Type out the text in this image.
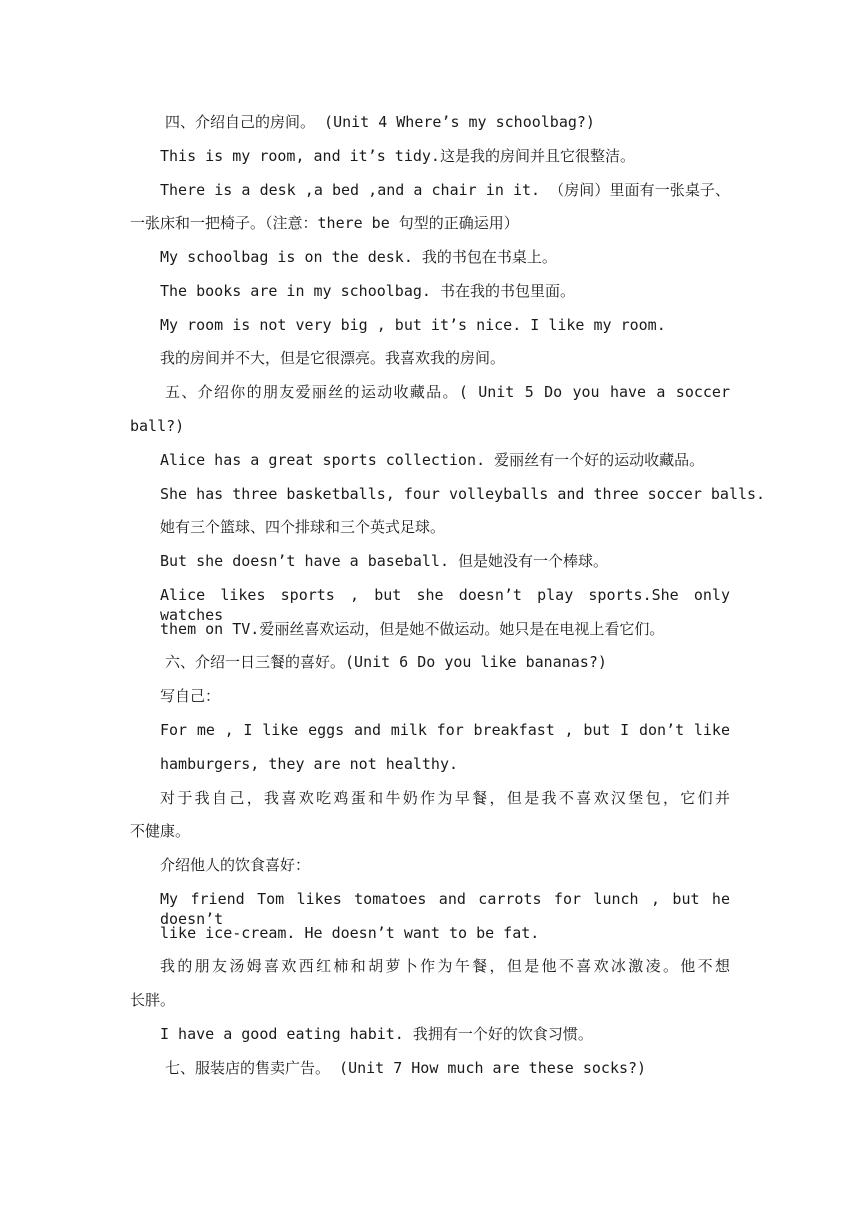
四、介绍自己的房间。 (Unit 4 Where’s my schoolbag?)
This is my room, and it’s tidy.这是我的房间并且它很整洁。
There is a desk ,a bed ,and a chair in it. （房间）里面有一张桌子、
一张床和一把椅子。（注意：there be 句型的正确运用）
My schoolbag is on the desk. 我的书包在书桌上。
The books are in my schoolbag. 书在我的书包里面。
My room is not very big , but it’s nice. I like my room.
我的房间并不大，但是它很漂亮。我喜欢我的房间。
五、介绍你的朋友爱丽丝的运动收藏品。( Unit 5 Do you have a soccer
ball?)
Alice has a great sports collection. 爱丽丝有一个好的运动收藏品。
She has three basketballs, four volleyballs and three soccer balls.
她有三个篮球、四个排球和三个英式足球。
But she doesn’t have a baseball. 但是她没有一个棒球。
Alice likes sports , but she doesn’t play sports.She only watches
them on TV.爱丽丝喜欢运动，但是她不做运动。她只是在电视上看它们。
六、介绍一日三餐的喜好。(Unit 6 Do you like bananas?)
写自己：
For me , I like eggs and milk for breakfast , but I don’t like
hamburgers, they are not healthy.
对于我自己，我喜欢吃鸡蛋和牛奶作为早餐，但是我不喜欢汉堡包，它们并
不健康。
介绍他人的饮食喜好：
My friend Tom likes tomatoes and carrots for lunch , but he doesn’t
like ice-cream. He doesn’t want to be fat.
我的朋友汤姆喜欢西红柿和胡萝卜作为午餐，但是他不喜欢冰激凌。他不想
长胖。
I have a good eating habit. 我拥有一个好的饮食习惯。
七、服装店的售卖广告。 (Unit 7 How much are these socks?)
